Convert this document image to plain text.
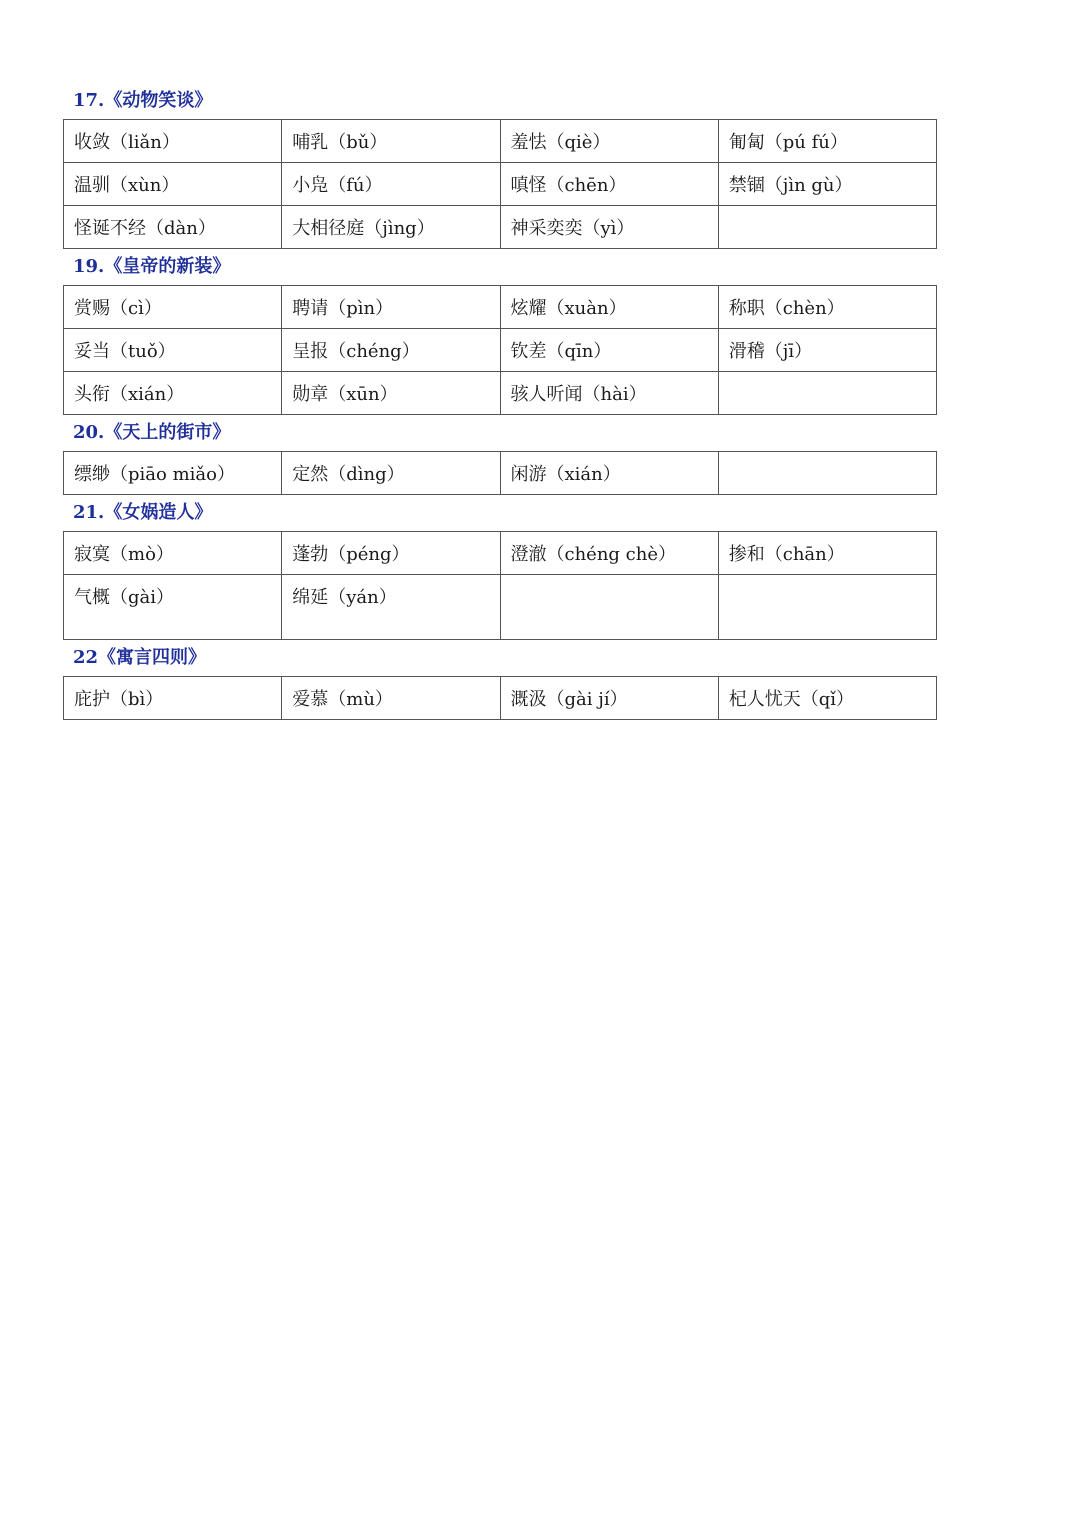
17.《动物笑谈》
收敛（liǎn）	哺乳（bǔ）	羞怯（qiè）	匍匐（pú fú）
温驯（xùn）	小凫（fú）	嗔怪（chēn）	禁锢（jìn gù）
怪诞不经（dàn）	大相径庭（jìng）	神采奕奕（yì）	
19.《皇帝的新装》
赏赐（cì）	聘请（pìn）	炫耀（xuàn）	称职（chèn）
妥当（tuǒ）	呈报（chéng）	钦差（qīn）	滑稽（jī）
头衔（xián）	勋章（xūn）	骇人听闻（hài）	
20.《天上的街市》
缥缈（piāo miǎo）	定然（dìng）	闲游（xián）	
21.《女娲造人》
寂寞（mò）	蓬勃（péng）	澄澈（chéng chè）	掺和（chān）
气概（gài）	绵延（yán）		
22《寓言四则》
庇护（bì）	爱慕（mù）	溉汲（gài jí）	杞人忧天（qǐ）
